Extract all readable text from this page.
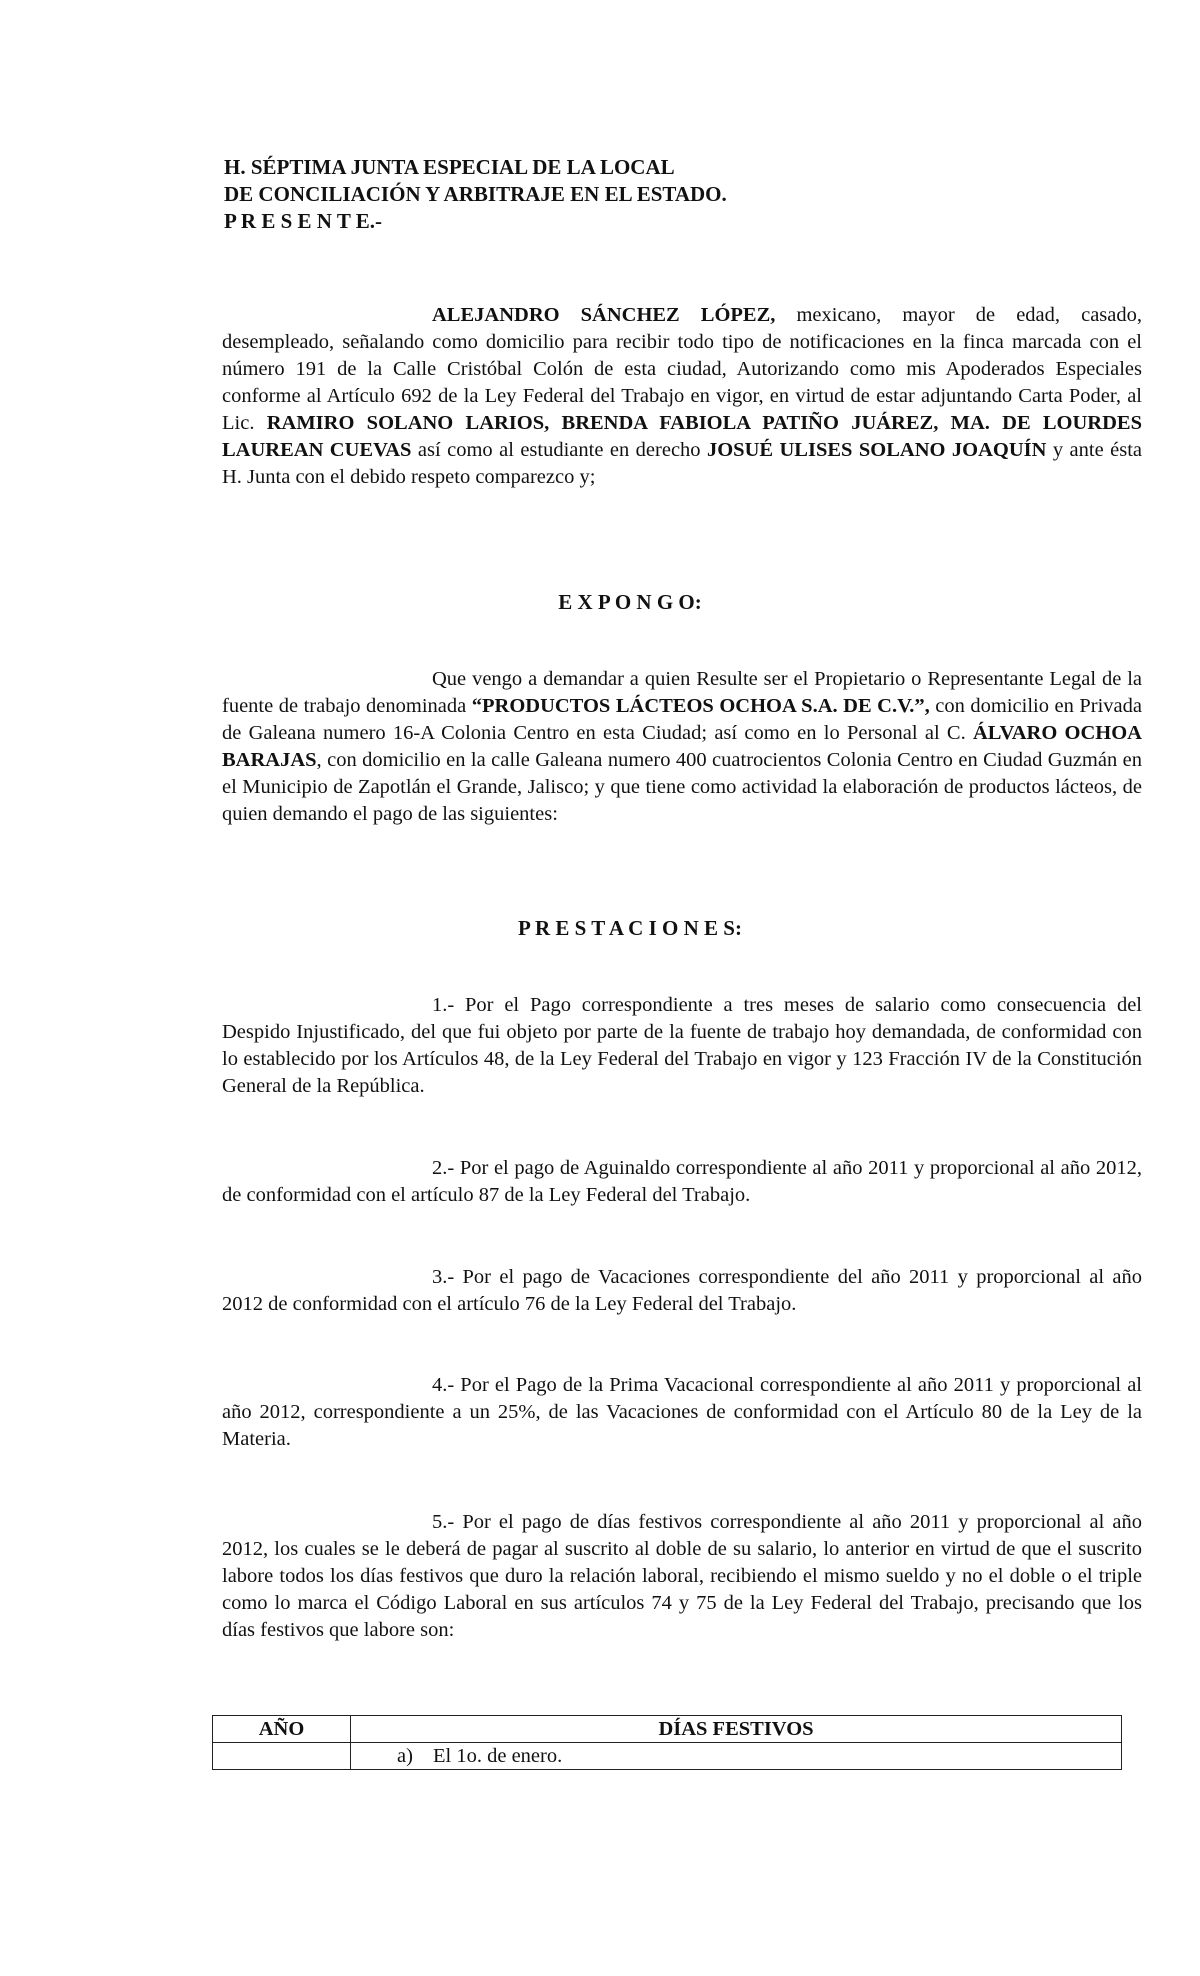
H. SÉPTIMA JUNTA ESPECIAL DE LA LOCAL
DE CONCILIACIÓN Y ARBITRAJE EN EL ESTADO.
P R E S E N T E.-

ALEJANDRO SÁNCHEZ LÓPEZ, mexicano, mayor de edad, casado, desempleado, señalando como domicilio para recibir todo tipo de notificaciones en la finca marcada con el número 191 de la Calle Cristóbal Colón de esta ciudad, Autorizando como mis Apoderados Especiales conforme al Artículo 692 de la Ley Federal del Trabajo en vigor, en virtud de estar adjuntando Carta Poder, al Lic. RAMIRO SOLANO LARIOS, BRENDA FABIOLA PATIÑO JUÁREZ, MA. DE LOURDES LAUREAN CUEVAS así como al estudiante en derecho JOSUÉ ULISES SOLANO JOAQUÍN y ante ésta H. Junta con el debido respeto comparezco y;

E X P O N G O:

Que vengo a demandar a quien Resulte ser el Propietario o Representante Legal de la fuente de trabajo denominada “PRODUCTOS LÁCTEOS OCHOA S.A. DE C.V.”, con domicilio en Privada de Galeana numero 16-A Colonia Centro en esta Ciudad; así como en lo Personal al C. ÁLVARO OCHOA BARAJAS, con domicilio en la calle Galeana numero 400 cuatrocientos Colonia Centro en Ciudad Guzmán en el Municipio de Zapotlán el Grande, Jalisco; y que tiene como actividad la elaboración de productos lácteos, de quien demando el pago de las siguientes:

P R E S T A C I O N E S:

1.- Por el Pago correspondiente a tres meses de salario como consecuencia del Despido Injustificado, del que fui objeto por parte de la fuente de trabajo hoy demandada, de conformidad con lo establecido por los Artículos 48, de la Ley Federal del Trabajo en vigor y 123 Fracción IV de la Constitución General de la República.

2.- Por el pago de Aguinaldo correspondiente al año 2011 y proporcional al año 2012, de conformidad con el artículo 87 de la Ley Federal del Trabajo.

3.- Por el pago de Vacaciones correspondiente del año 2011 y proporcional al año 2012 de conformidad con el artículo 76 de la Ley Federal del Trabajo.

4.- Por el Pago de la Prima Vacacional correspondiente al año 2011 y proporcional al año 2012, correspondiente a un 25%, de las Vacaciones de conformidad con el Artículo 80 de la Ley de la Materia.

5.- Por el pago de días festivos correspondiente al año 2011 y proporcional al año 2012, los cuales se le deberá de pagar al suscrito al doble de su salario, lo anterior en virtud de que el suscrito labore todos los días festivos que duro la relación laboral, recibiendo el mismo sueldo y no el doble o el triple como lo marca el Código Laboral en sus artículos 74 y 75 de la Ley Federal del Trabajo, precisando que los días festivos que labore son:

AÑO	DÍAS FESTIVOS
	a) El 1o. de enero.
